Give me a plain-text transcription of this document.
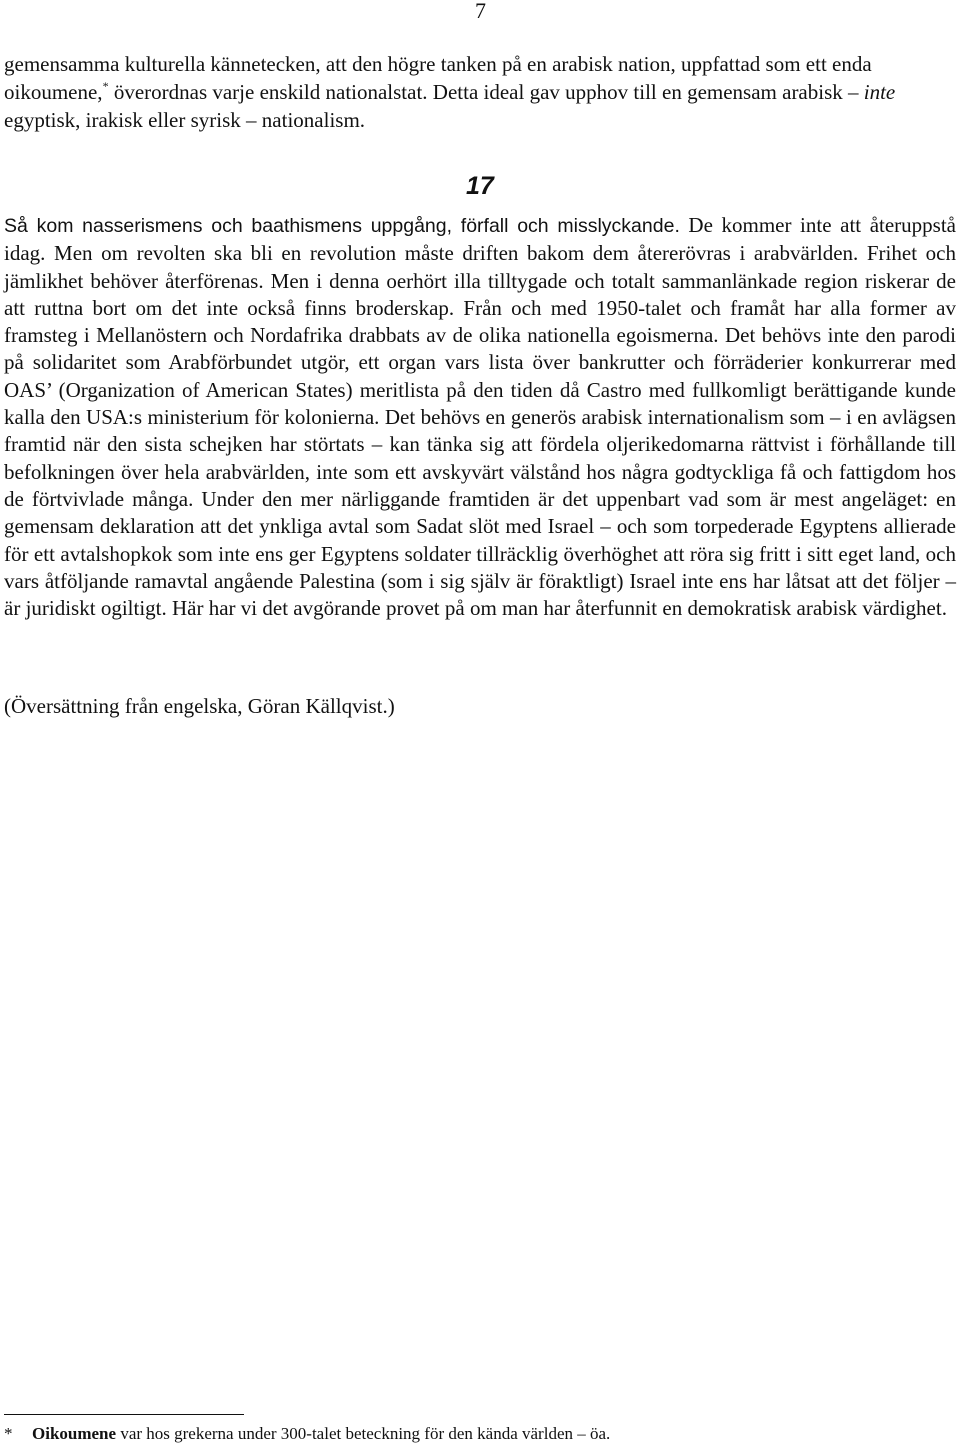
7

gemensamma kulturella kännetecken, att den högre tanken på en arabisk nation, uppfattad som ett enda oikoumene,* överordnas varje enskild nationalstat. Detta ideal gav upphov till en gemensam arabisk – inte egyptisk, irakisk eller syrisk – nationalism.

17

Så kom nasserismens och baathismens uppgång, förfall och misslyckande. De kommer inte att återuppstå idag. Men om revolten ska bli en revolution måste driften bakom dem återerövras i arabvärlden. Frihet och jämlikhet behöver återförenas. Men i denna oerhört illa tilltygade och totalt sammanlänkade region riskerar de att ruttna bort om det inte också finns broderskap. Från och med 1950-talet och framåt har alla former av framsteg i Mellanöstern och Nordafrika drabbats av de olika nationella egoismerna. Det behövs inte den parodi på solidaritet som Arabförbundet utgör, ett organ vars lista över bankrutter och förräderier konkurrerar med OAS’ (Organization of American States) meritlista på den tiden då Castro med fullkomligt berättigande kunde kalla den USA:s ministerium för kolonierna. Det behövs en generös arabisk internationalism som – i en avlägsen framtid när den sista schejken har störtats – kan tänka sig att fördela oljerikedomarna rättvist i förhållande till befolkningen över hela arabvärlden, inte som ett avskyvärt välstånd hos några godtyckliga få och fattigdom hos de förtvivlade många. Under den mer närliggande framtiden är det uppenbart vad som är mest angeläget: en gemensam deklaration att det ynkliga avtal som Sadat slöt med Israel – och som torpederade Egyptens allierade för ett avtalshopkok som inte ens ger Egyptens soldater tillräcklig överhöghet att röra sig fritt i sitt eget land, och vars åtföljande ramavtal angående Palestina (som i sig själv är föraktligt) Israel inte ens har låtsat att det följer – är juridiskt ogiltigt. Här har vi det avgörande provet på om man har återfunnit en demokratisk arabisk värdighet.

(Översättning från engelska, Göran Källqvist.)

* Oikoumene var hos grekerna under 300-talet beteckning för den kända världen – öa.
